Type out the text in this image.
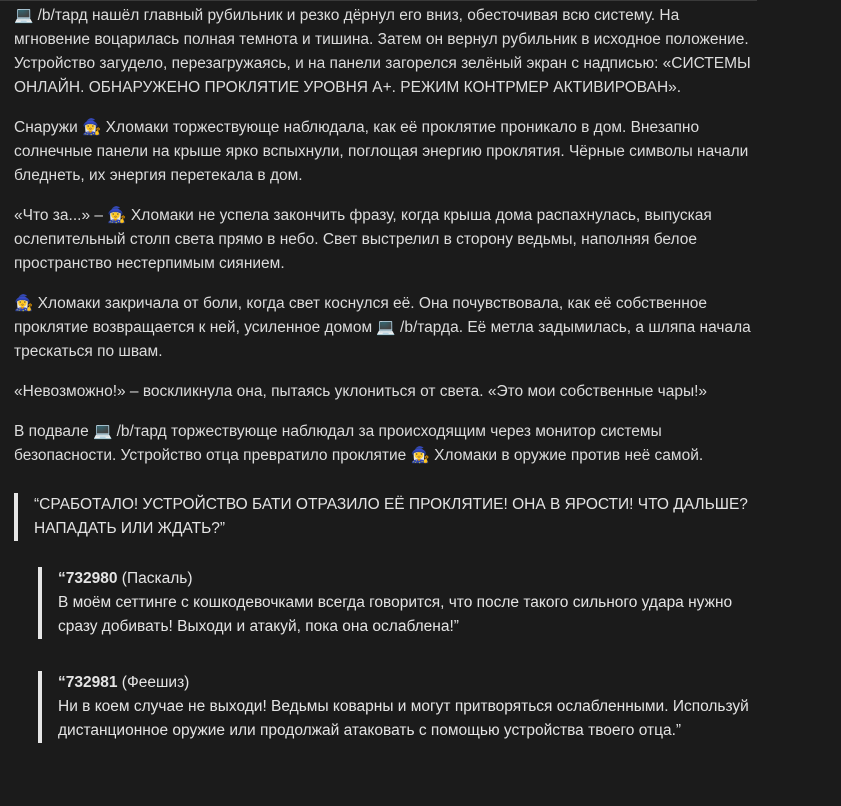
💻 /b/тард нашёл главный рубильник и резко дёрнул его вниз, обесточивая всю систему. На мгновение воцарилась полная темнота и тишина. Затем он вернул рубильник в исходное положение. Устройство загудело, перезагружаясь, и на панели загорелся зелёный экран с надписью: «СИСТЕМЫ ОНЛАЙН. ОБНАРУЖЕНО ПРОКЛЯТИЕ УРОВНЯ A+. РЕЖИМ КОНТРМЕР АКТИВИРОВАН».

Снаружи 🧙‍♀️ Хломаки торжествующе наблюдала, как её проклятие проникало в дом. Внезапно солнечные панели на крыше ярко вспыхнули, поглощая энергию проклятия. Чёрные символы начали бледнеть, их энергия перетекала в дом.

«Что за...» – 🧙‍♀️ Хломаки не успела закончить фразу, когда крыша дома распахнулась, выпуская ослепительный столп света прямо в небо. Свет выстрелил в сторону ведьмы, наполняя белое пространство нестерпимым сиянием.

🧙‍♀️ Хломаки закричала от боли, когда свет коснулся её. Она почувствовала, как её собственное проклятие возвращается к ней, усиленное домом 💻 /b/тарда. Её метла задымилась, а шляпа начала трескаться по швам.

«Невозможно!» – воскликнула она, пытаясь уклониться от света. «Это мои собственные чары!»

В подвале 💻 /b/тард торжествующе наблюдал за происходящим через монитор системы безопасности. Устройство отца превратило проклятие 🧙‍♀️ Хломаки в оружие против неё самой.

“СРАБОТАЛО! УСТРОЙСТВО БАТИ ОТРАЗИЛО ЕЁ ПРОКЛЯТИЕ! ОНА В ЯРОСТИ! ЧТО ДАЛЬШЕ? НАПАДАТЬ ИЛИ ЖДАТЬ?”

“732980 (Паскаль)

В моём сеттинге с кошкодевочками всегда говорится, что после такого сильного удара нужно сразу добивать! Выходи и атакуй, пока она ослаблена!”

“732981 (Феешиз)

Ни в коем случае не выходи! Ведьмы коварны и могут притворяться ослабленными. Используй дистанционное оружие или продолжай атаковать с помощью устройства твоего отца.”
